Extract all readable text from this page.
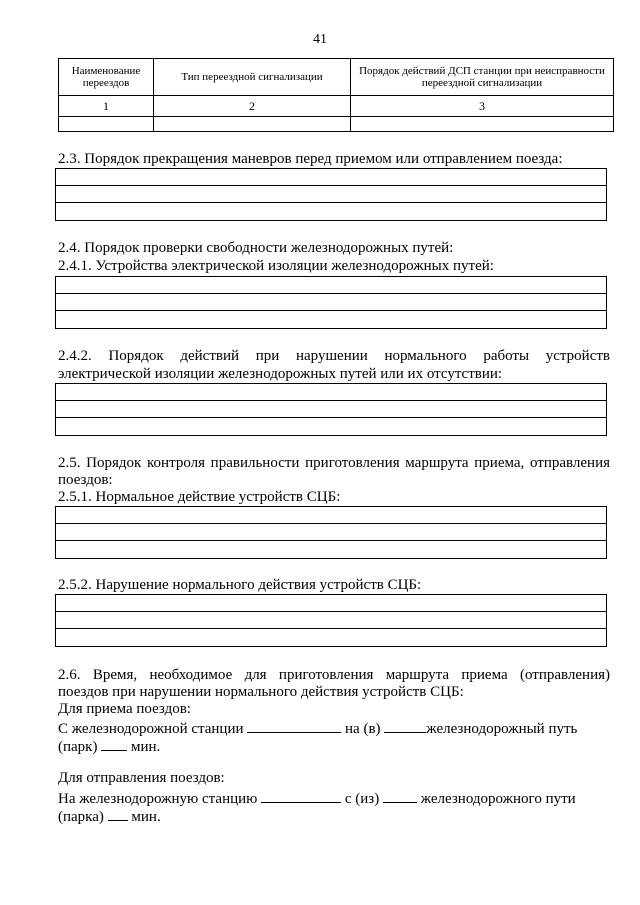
41
Наименование переездов	Тип переездной сигнализации	Порядок действий ДСП станции при неисправности переездной сигнализации
1	2	3

2.3. Порядок прекращения маневров перед приемом или отправлением поезда:
2.4. Порядок проверки свободности железнодорожных путей:
2.4.1. Устройства электрической изоляции железнодорожных путей:
2.4.2. Порядок действий при нарушении нормального работы устройств
электрической изоляции железнодорожных путей или их отсутствии:
2.5. Порядок контроля правильности приготовления маршрута приема, отправления
поездов:
2.5.1. Нормальное действие устройств СЦБ:
2.5.2. Нарушение нормального действия устройств СЦБ:
2.6. Время, необходимое для приготовления маршрута приема (отправления)
поездов при нарушении нормального действия устройств СЦБ:
Для приема поездов:
С железнодорожной станции	на (в)	железнодорожный путь
(парк) мин.
Для отправления поездов:
На железнодорожную станцию	с (из)	железнодорожного пути
(парка) мин.
